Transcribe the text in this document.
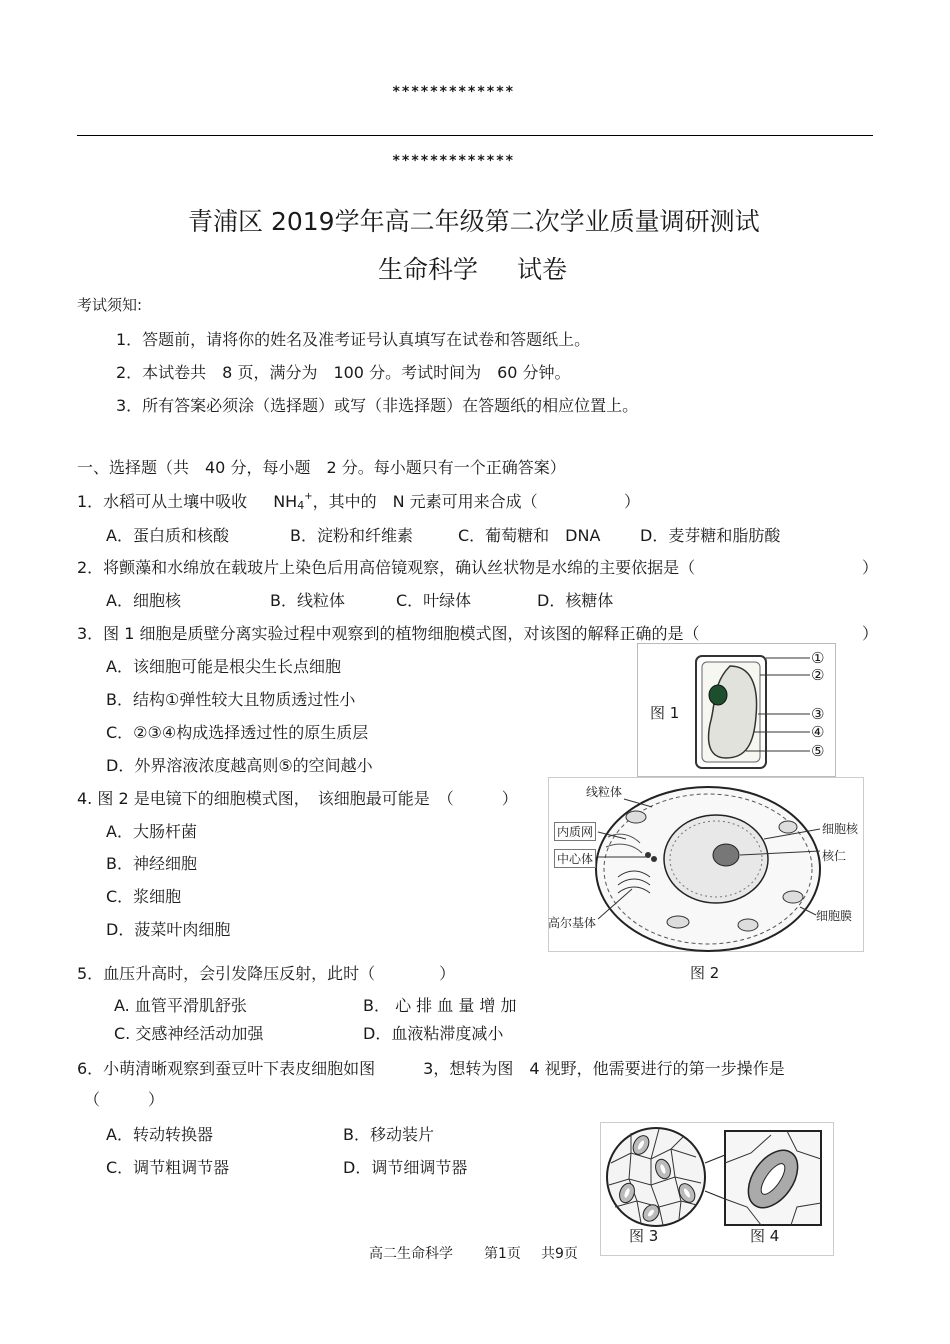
*************
*************
青浦区 2019学年高二年级第二次学业质量调研测试
生命科学 试卷
考试须知:
1．答题前，请将你的姓名及准考证号认真填写在试卷和答题纸上。
2．本试卷共　8 页，满分为　100 分。考试时间为　60 分钟。
3．所有答案必须涂（选择题）或写（非选择题）在答题纸的相应位置上。
一、选择题（共　40 分，每小题　2 分。每小题只有一个正确答案）
1．水稻可从土壤中吸收 NH4+，其中的　N 元素可用来合成（	）
A．蛋白质和核酸	B．淀粉和纤维素	C．葡萄糖和　DNA D．麦芽糖和脂肪酸
2．将颤藻和水绵放在载玻片上染色后用高倍镜观察，确认丝状物是水绵的主要依据是（	）
A．细胞核	B．线粒体	C．叶绿体	D．核糖体
3．图 1 细胞是质壁分离实验过程中观察到的植物细胞模式图，对该图的解释正确的是（	）
A．该细胞可能是根尖生长点细胞
B．结构①弹性较大且物质透过性小
C．②③④构成选择透过性的原生质层
D．外界溶液浓度越高则⑤的空间越小
图 1
①
②
③
④
⑤
4. 图 2 是电镜下的细胞模式图，　该细胞最可能是　（　　　）
A．大肠杆菌
B．神经细胞
C．浆细胞
D．菠菜叶肉细胞
线粒体
内质网
中心体
高尔基体
细胞核
核仁
细胞膜
图 2
5．血压升高时，会引发降压反射，此时（　　　　）
A. 血管平滑肌舒张	B． 心 排 血 量 增 加
C. 交感神经活动加强	D．血液粘滞度减小
6．小萌清晰观察到蚕豆叶下表皮细胞如图　　　3，想转为图　4 视野，他需要进行的第一步操作是
（　　　）
A．转动转换器	B．移动装片
C．调节粗调节器	D．调节细调节器
图 3	图 4
高二生命科学 第1页 共9页
